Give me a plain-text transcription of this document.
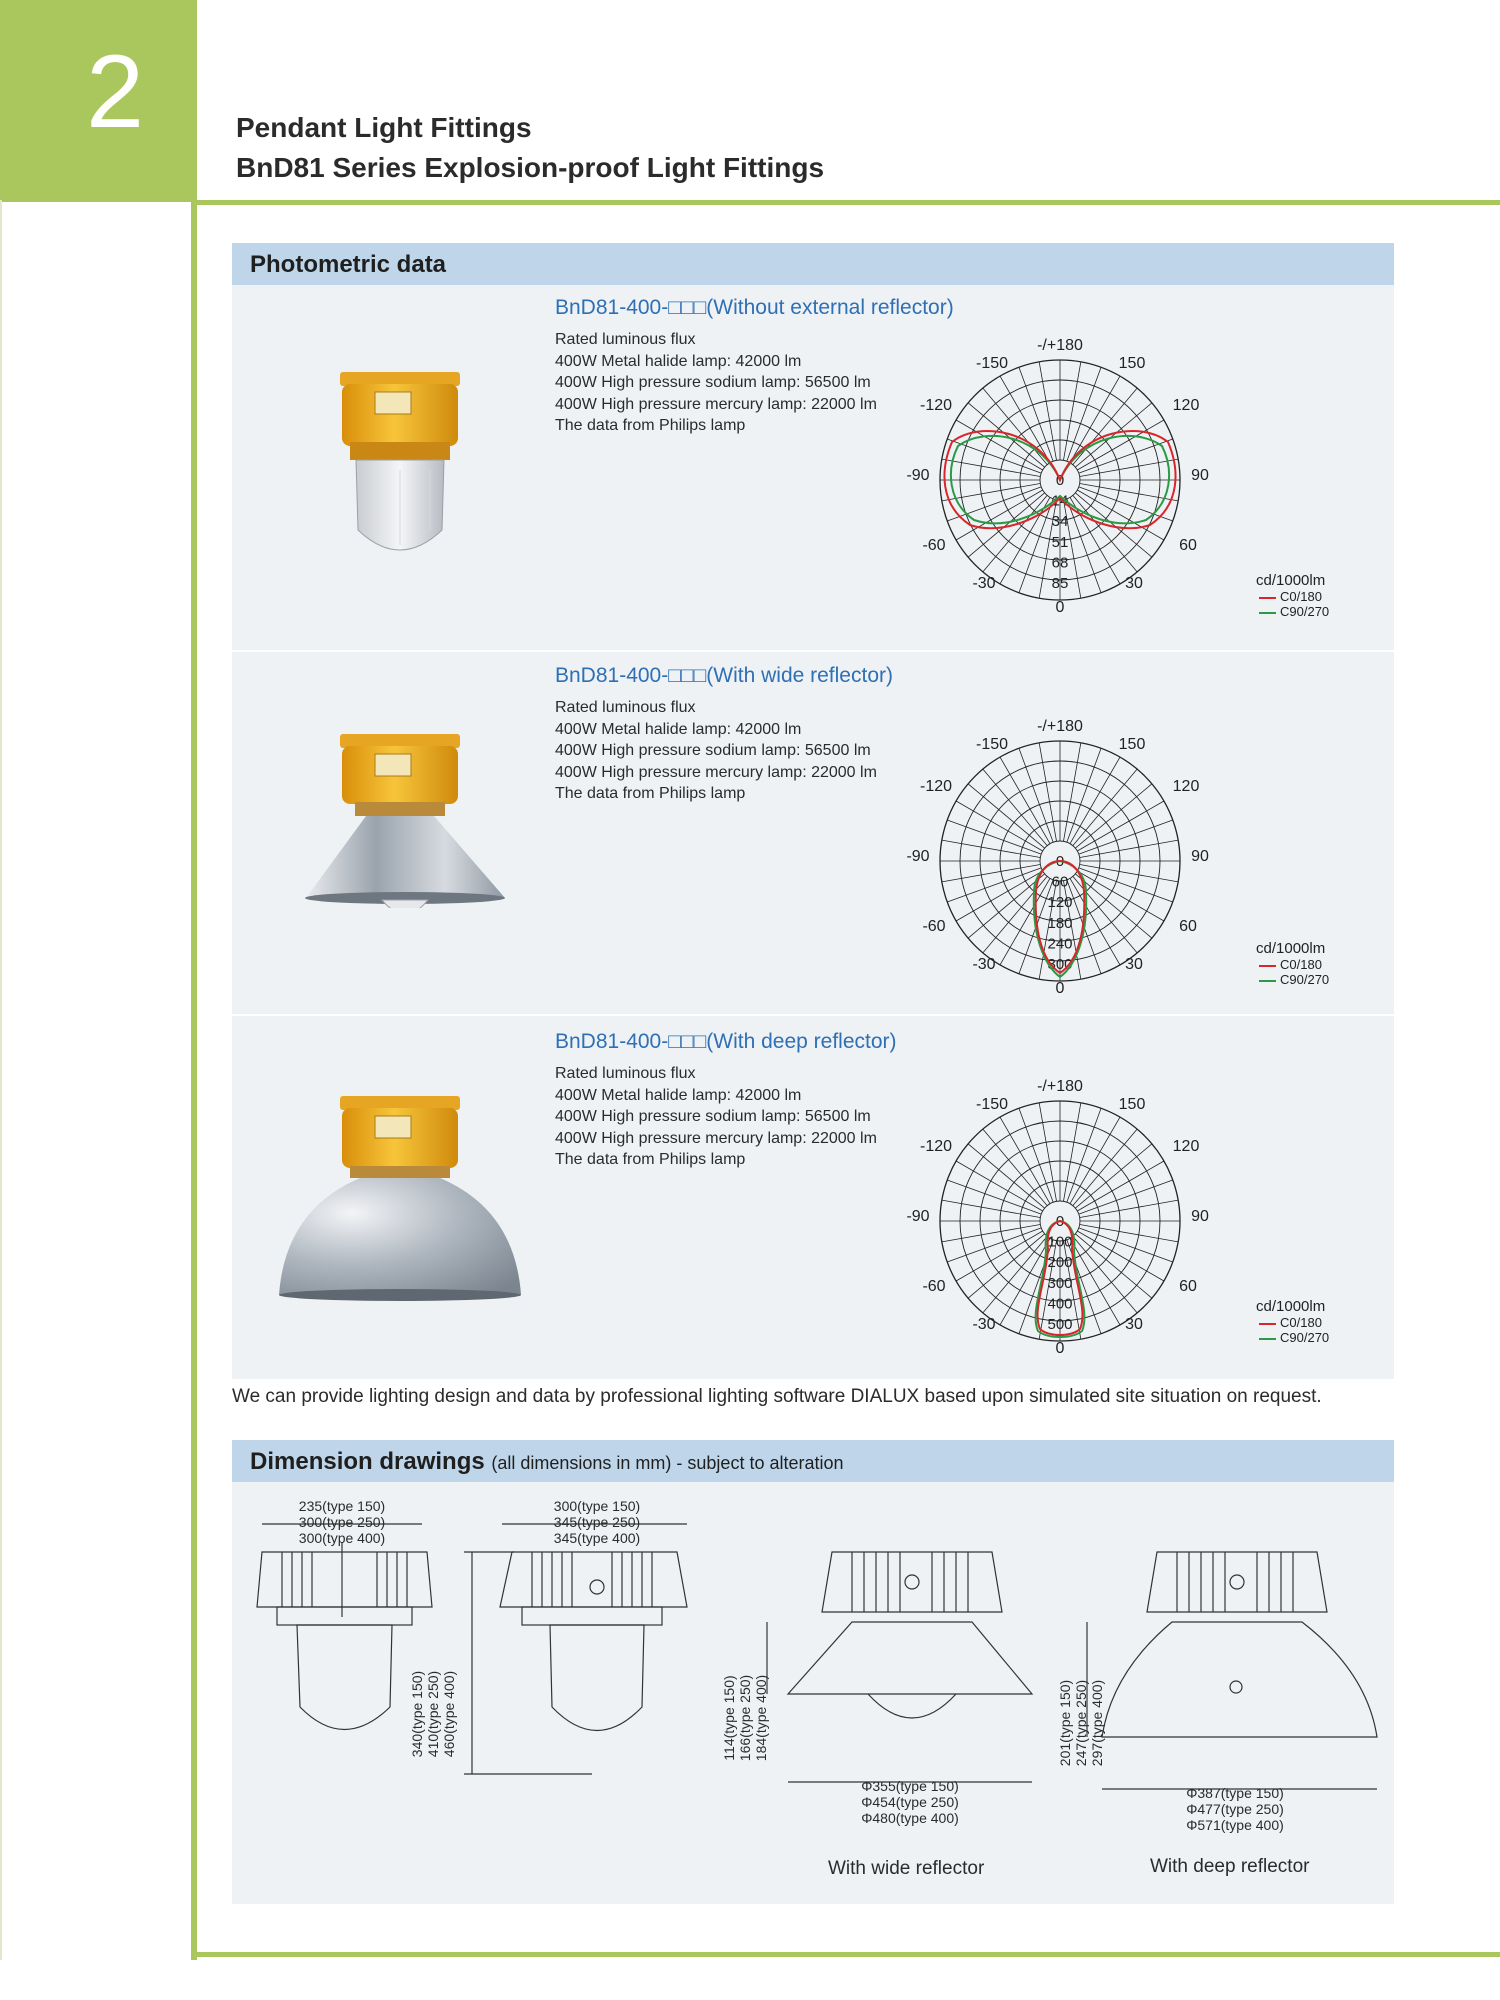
2	Pendant Light Fittings
BnD81 Series Explosion-proof Light Fittings
Photometric data
BnD81-400-□□□(Without external reflector)
Rated luminous flux
400W Metal halide lamp: 42000 lm
400W High pressure sodium lamp: 56500 lm
400W High pressure mercury lamp: 22000 lm
The data from Philips lamp
BnD81-400-□□□(With wide reflector)
Rated luminous flux
400W Metal halide lamp: 42000 lm
400W High pressure sodium lamp: 56500 lm
400W High pressure mercury lamp: 22000 lm
The data from Philips lamp
BnD81-400-□□□(With deep reflector)
Rated luminous flux
400W Metal halide lamp: 42000 lm
400W High pressure sodium lamp: 56500 lm
400W High pressure mercury lamp: 22000 lm
The data from Philips lamp
-/+180
-150	150
-120	120
-90	90
-60	60
-30	30
0
0
14
34
51
68
85
-/+180
-150	150
-120	120
-90	90
-60	60
-30	30
0
0
60
120
180
240
300
-/+180
-150	150
-120	120
-90	90
-60	60
-30	30
0
0
100
200
300
400
500
cd/1000lm
C0/180
C90/270
cd/1000lm
C0/180
C90/270
cd/1000lm
C0/180
C90/270
We can provide lighting design and data by professional lighting software DIALUX based upon simulated site situation on request.
Dimension drawings (all dimensions in mm) - subject to alteration
235(type 150)
300(type 250)
300(type 400)
300(type 150)
345(type 250)
345(type 400)
340(type 150) 410(type 250) 460(type 400)	114(type 150) 166(type 250) 184(type 400)	201(type 150) 247(type 250) 297(type 400)
Φ355(type 150)
Φ454(type 250)
Φ480(type 400)
Φ387(type 150)
Φ477(type 250)
Φ571(type 400)
With wide reflector	With deep reflector
